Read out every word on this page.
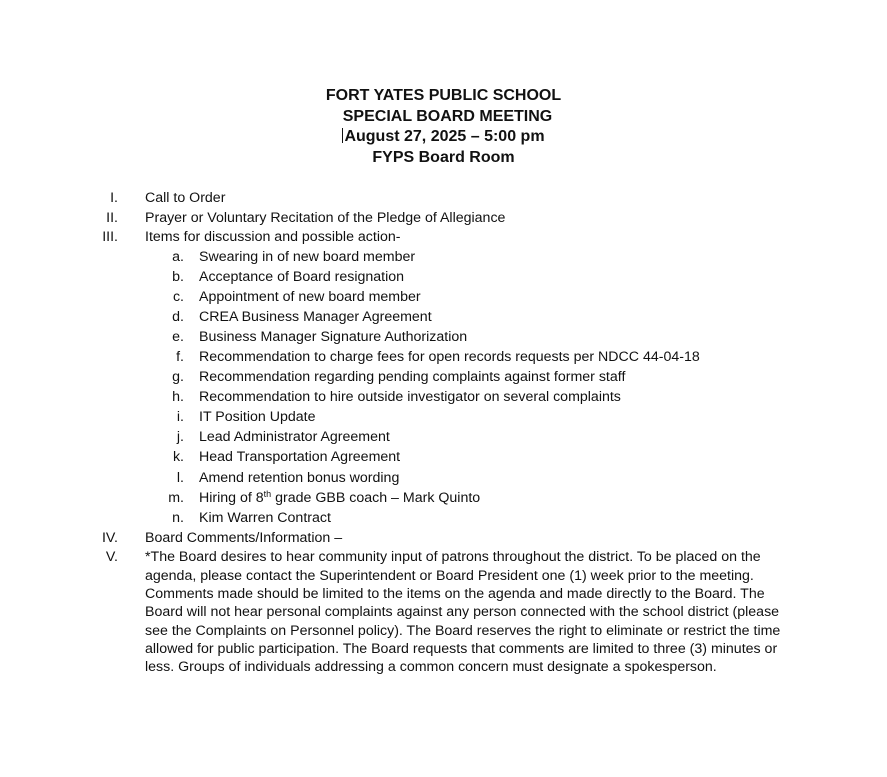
FORT YATES PUBLIC SCHOOL
SPECIAL BOARD MEETING
August 27, 2025 – 5:00 pm
FYPS Board Room
I. Call to Order
II. Prayer or Voluntary Recitation of the Pledge of Allegiance
III. Items for discussion and possible action-
a. Swearing in of new board member
b. Acceptance of Board resignation
c. Appointment of new board member
d. CREA Business Manager Agreement
e. Business Manager Signature Authorization
f. Recommendation to charge fees for open records requests per NDCC 44-04-18
g. Recommendation regarding pending complaints against former staff
h. Recommendation to hire outside investigator on several complaints
i. IT Position Update
j. Lead Administrator Agreement
k. Head Transportation Agreement
l. Amend retention bonus wording
m. Hiring of 8th grade GBB coach – Mark Quinto
n. Kim Warren Contract
IV. Board Comments/Information –
V. *The Board desires to hear community input of patrons throughout the district. To be placed on the agenda, please contact the Superintendent or Board President one (1) week prior to the meeting. Comments made should be limited to the items on the agenda and made directly to the Board. The Board will not hear personal complaints against any person connected with the school district (please see the Complaints on Personnel policy). The Board reserves the right to eliminate or restrict the time allowed for public participation. The Board requests that comments are limited to three (3) minutes or less. Groups of individuals addressing a common concern must designate a spokesperson.
